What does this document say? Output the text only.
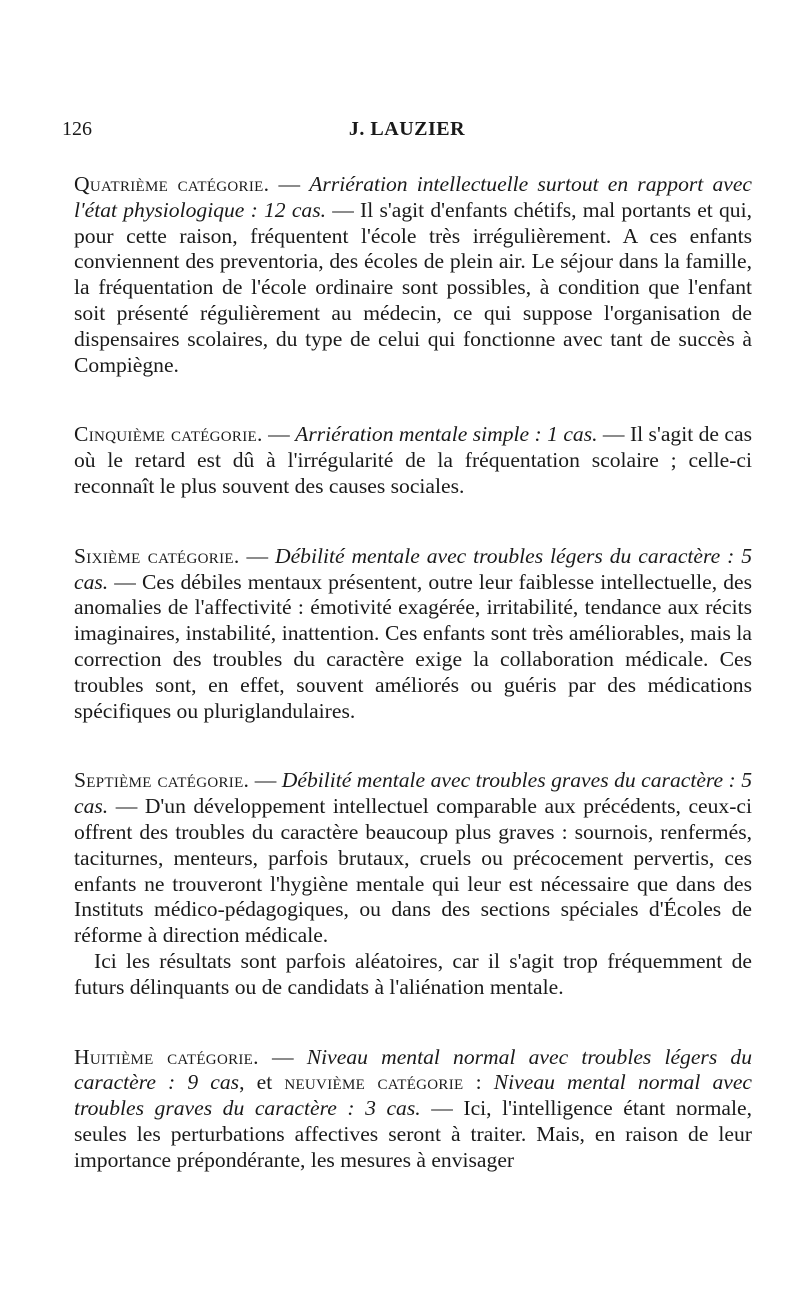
126	J. LAUZIER

Quatrième catégorie. — Arriération intellectuelle surtout en rapport avec l'état physiologique : 12 cas. — Il s'agit d'enfants chétifs, mal portants et qui, pour cette raison, fréquentent l'école très irrégulièrement. A ces enfants conviennent des preventoria, des écoles de plein air. Le séjour dans la famille, la fréquentation de l'école ordinaire sont possibles, à condition que l'enfant soit présenté régulièrement au médecin, ce qui suppose l'organisation de dispensaires scolaires, du type de celui qui fonctionne avec tant de succès à Compiègne.

Cinquième catégorie. — Arriération mentale simple : 1 cas. — Il s'agit de cas où le retard est dû à l'irrégularité de la fréquentation scolaire ; celle-ci reconnaît le plus souvent des causes sociales.

Sixième catégorie. — Débilité mentale avec troubles légers du caractère : 5 cas. — Ces débiles mentaux présentent, outre leur faiblesse intellectuelle, des anomalies de l'affectivité : émotivité exagérée, irritabilité, tendance aux récits imaginaires, instabilité, inattention. Ces enfants sont très améliorables, mais la correction des troubles du caractère exige la collaboration médicale. Ces troubles sont, en effet, souvent améliorés ou guéris par des médications spécifiques ou pluriglandulaires.

Septième catégorie. — Débilité mentale avec troubles graves du caractère : 5 cas. — D'un développement intellectuel comparable aux précédents, ceux-ci offrent des troubles du caractère beaucoup plus graves : sournois, renfermés, taciturnes, menteurs, parfois brutaux, cruels ou précocement pervertis, ces enfants ne trouveront l'hygiène mentale qui leur est nécessaire que dans des Instituts médico-pédagogiques, ou dans des sections spéciales d'Écoles de réforme à direction médicale.

Ici les résultats sont parfois aléatoires, car il s'agit trop fréquemment de futurs délinquants ou de candidats à l'aliénation mentale.

Huitième catégorie. — Niveau mental normal avec troubles légers du caractère : 9 cas, et neuvième catégorie : Niveau mental normal avec troubles graves du caractère : 3 cas. — Ici, l'intelligence étant normale, seules les perturbations affectives seront à traiter. Mais, en raison de leur importance prépondérante, les mesures à envisager
